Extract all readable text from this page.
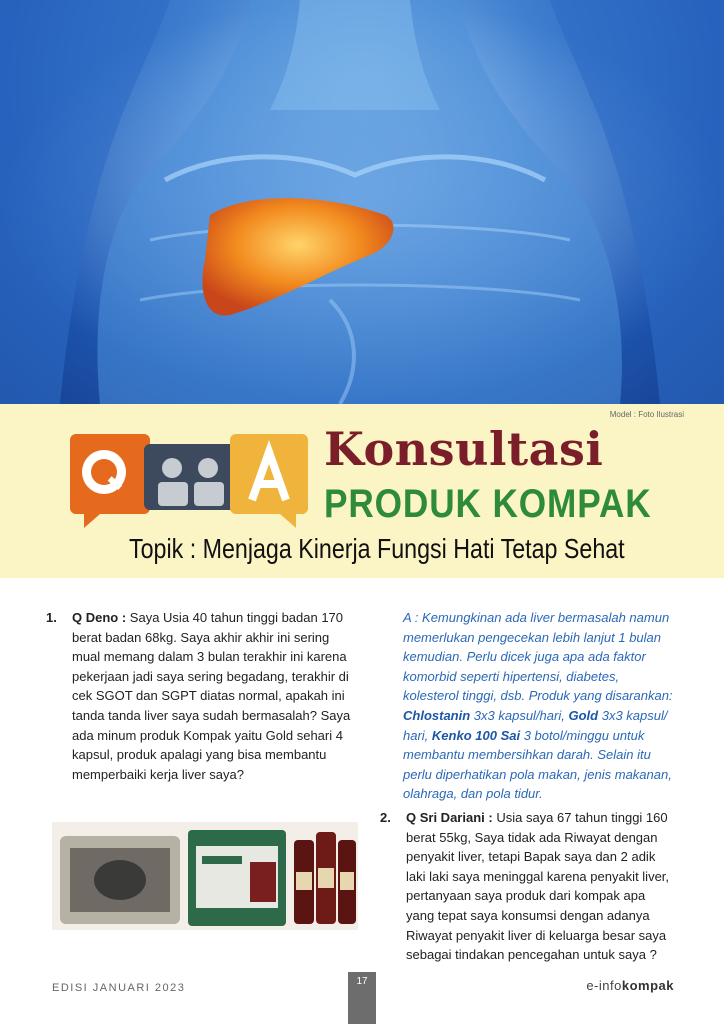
Model : Foto Ilustrasi
Konsultasi
PRODUK KOMPAK
Topik : Menjaga Kinerja Fungsi Hati Tetap Sehat
1. Q Deno : Saya Usia 40 tahun tinggi badan 170 berat badan 68kg. Saya akhir akhir ini sering mual memang dalam 3 bulan terakhir ini karena pekerjaan jadi saya sering begadang, terakhir di cek SGOT dan SGPT diatas normal, apakah ini tanda tanda liver saya sudah bermasalah? Saya ada minum produk Kompak yaitu Gold sehari 4 kapsul, produk apalagi yang bisa membantu memperbaiki kerja liver saya?
A : Kemungkinan ada liver bermasalah namun memerlukan pengecekan lebih lanjut 1 bulan kemudian. Perlu dicek juga apa ada faktor komorbid seperti hipertensi, diabetes, kolesterol tinggi, dsb. Produk yang disarankan: Chlostanin 3x3 kapsul/hari, Gold 3x3 kapsul/ hari, Kenko 100 Sai 3 botol/minggu untuk membantu membersihkan darah. Selain itu perlu diperhatikan pola makan, jenis makanan, olahraga, dan pola tidur.
2. Q Sri Dariani : Usia saya 67 tahun tinggi 160 berat 55kg, Saya tidak ada Riwayat dengan penyakit liver, tetapi Bapak saya dan 2 adik laki laki saya meninggal karena penyakit liver, pertanyaan saya produk dari kompak apa yang tepat saya konsumsi dengan adanya Riwayat penyakit liver di keluarga besar saya sebagai tindakan pencegahan untuk saya ?
EDISI JANUARI 2023
17	e-infokompak
